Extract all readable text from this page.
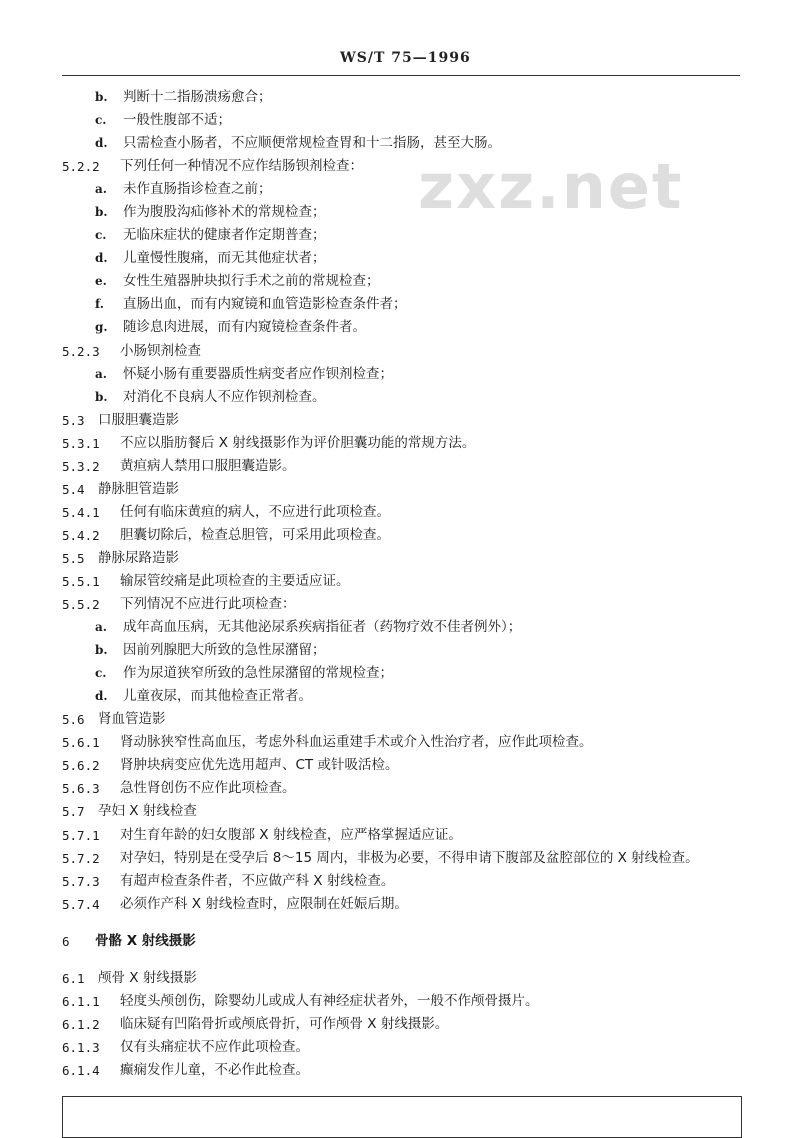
WS/T 75—1996
zxz.net
b. 判断十二指肠溃疡愈合；
c. 一般性腹部不适；
d. 只需检查小肠者，不应顺便常规检查胃和十二指肠，甚至大肠。
5.2.2 下列任何一种情况不应作结肠钡剂检查：
a. 未作直肠指诊检查之前；
b. 作为腹股沟疝修补术的常规检查；
c. 无临床症状的健康者作定期普查；
d. 儿童慢性腹痛，而无其他症状者；
e. 女性生殖器肿块拟行手术之前的常规检查；
f. 直肠出血，而有内窥镜和血管造影检查条件者；
g. 随诊息肉进展，而有内窥镜检查条件者。
5.2.3 小肠钡剂检查
a. 怀疑小肠有重要器质性病变者应作钡剂检查；
b. 对消化不良病人不应作钡剂检查。
5.3 口服胆囊造影
5.3.1 不应以脂肪餐后 X 射线摄影作为评价胆囊功能的常规方法。
5.3.2 黄疸病人禁用口服胆囊造影。
5.4 静脉胆管造影
5.4.1 任何有临床黄疸的病人，不应进行此项检查。
5.4.2 胆囊切除后，检查总胆管，可采用此项检查。
5.5 静脉尿路造影
5.5.1 输尿管绞痛是此项检查的主要适应证。
5.5.2 下列情况不应进行此项检查：
a. 成年高血压病，无其他泌尿系疾病指征者（药物疗效不佳者例外）；
b. 因前列腺肥大所致的急性尿潴留；
c. 作为尿道狭窄所致的急性尿潴留的常规检查；
d. 儿童夜尿，而其他检查正常者。
5.6 肾血管造影
5.6.1 肾动脉狭窄性高血压，考虑外科血运重建手术或介入性治疗者，应作此项检查。
5.6.2 肾肿块病变应优先选用超声、CT 或针吸活检。
5.6.3 急性肾创伤不应作此项检查。
5.7 孕妇 X 射线检查
5.7.1 对生育年龄的妇女腹部 X 射线检查，应严格掌握适应证。
5.7.2 对孕妇，特别是在受孕后 8～15 周内，非极为必要，不得申请下腹部及盆腔部位的 X 射线检查。
5.7.3 有超声检查条件者，不应做产科 X 射线检查。
5.7.4 必须作产科 X 射线检查时，应限制在妊娠后期。
6 骨骼 X 射线摄影
6.1 颅骨 X 射线摄影
6.1.1 轻度头颅创伤，除婴幼儿或成人有神经症状者外，一般不作颅骨摄片。
6.1.2 临床疑有凹陷骨折或颅底骨折，可作颅骨 X 射线摄影。
6.1.3 仅有头痛症状不应作此项检查。
6.1.4 癫痫发作儿童，不必作此检查。
